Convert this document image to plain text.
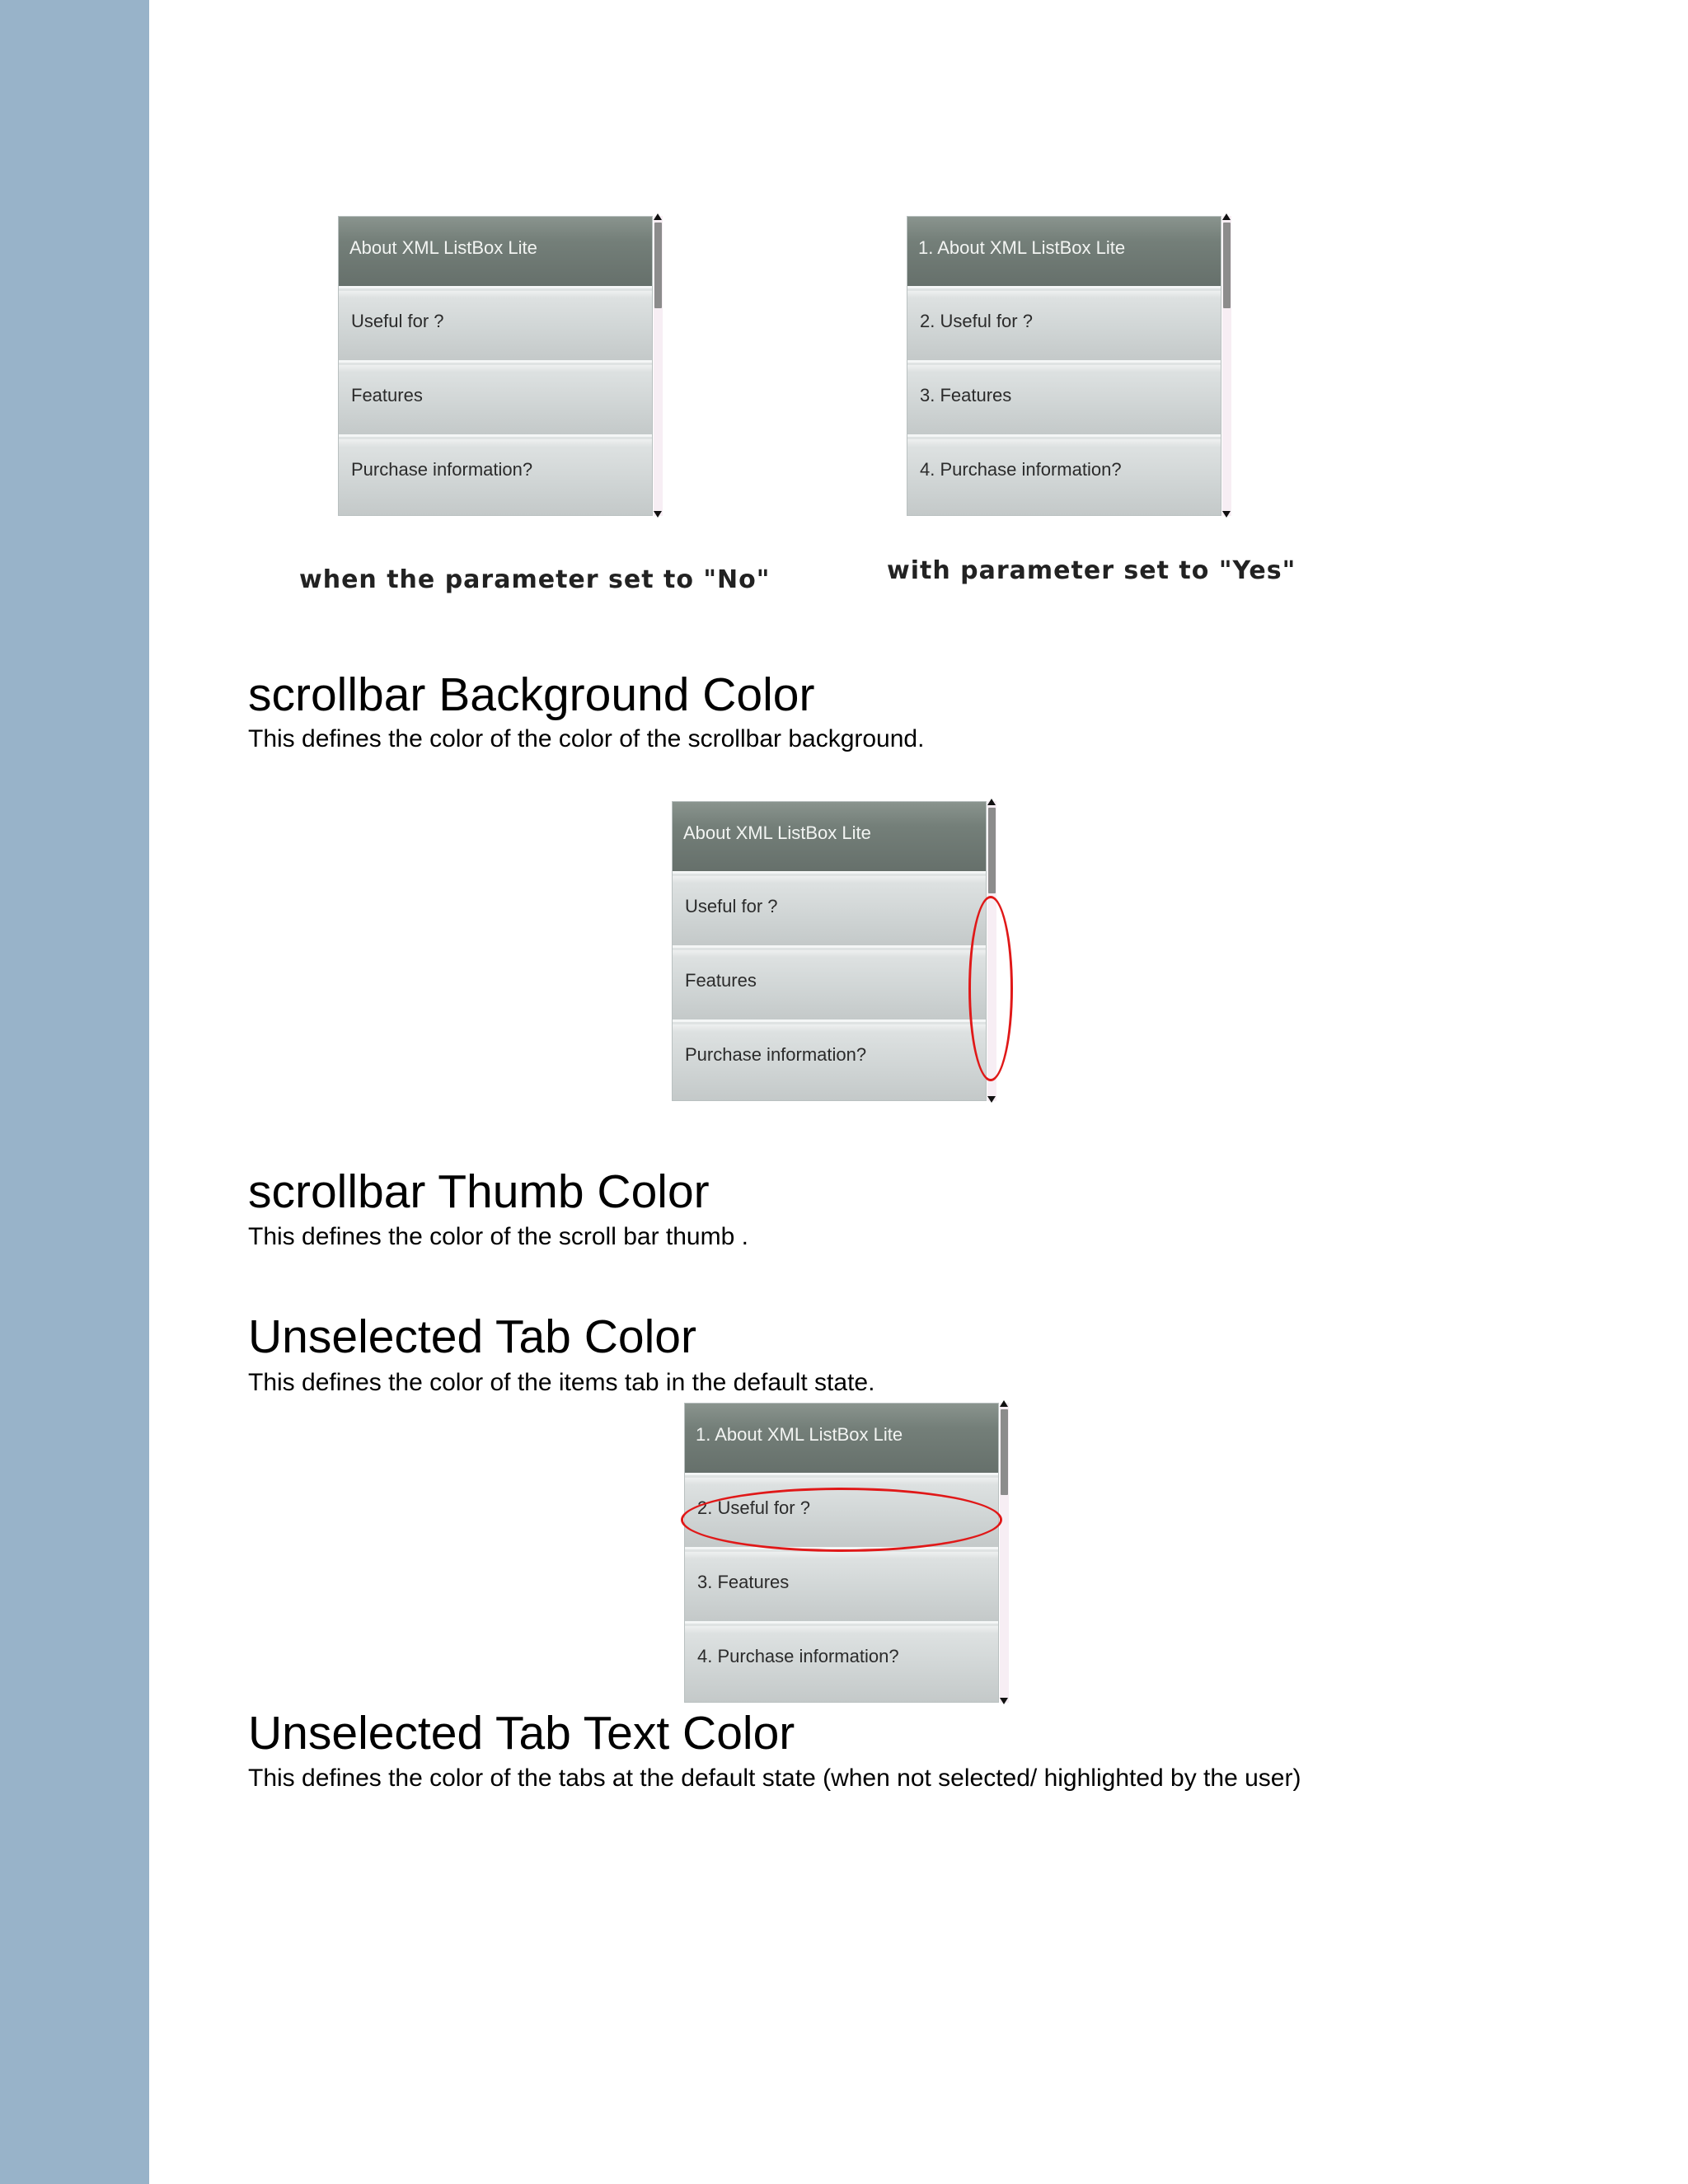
About XML ListBox Lite
Useful for ?
Features
Purchase information?
1. About XML ListBox Lite
2. Useful for ?
3. Features
4. Purchase information?
when the parameter set to "No"	with parameter set to "Yes"
scrollbar Background Color
This defines the color of the color of the scrollbar background.
About XML ListBox Lite
Useful for ?
Features
Purchase information?
scrollbar Thumb Color
This defines the color of the scroll bar thumb .
Unselected Tab Color
This defines the color of the items tab in the default state.
1. About XML ListBox Lite
2. Useful for ?
3. Features
4. Purchase information?
Unselected Tab Text Color
This defines the color of the tabs at the default state (when not selected/ highlighted by the user)
